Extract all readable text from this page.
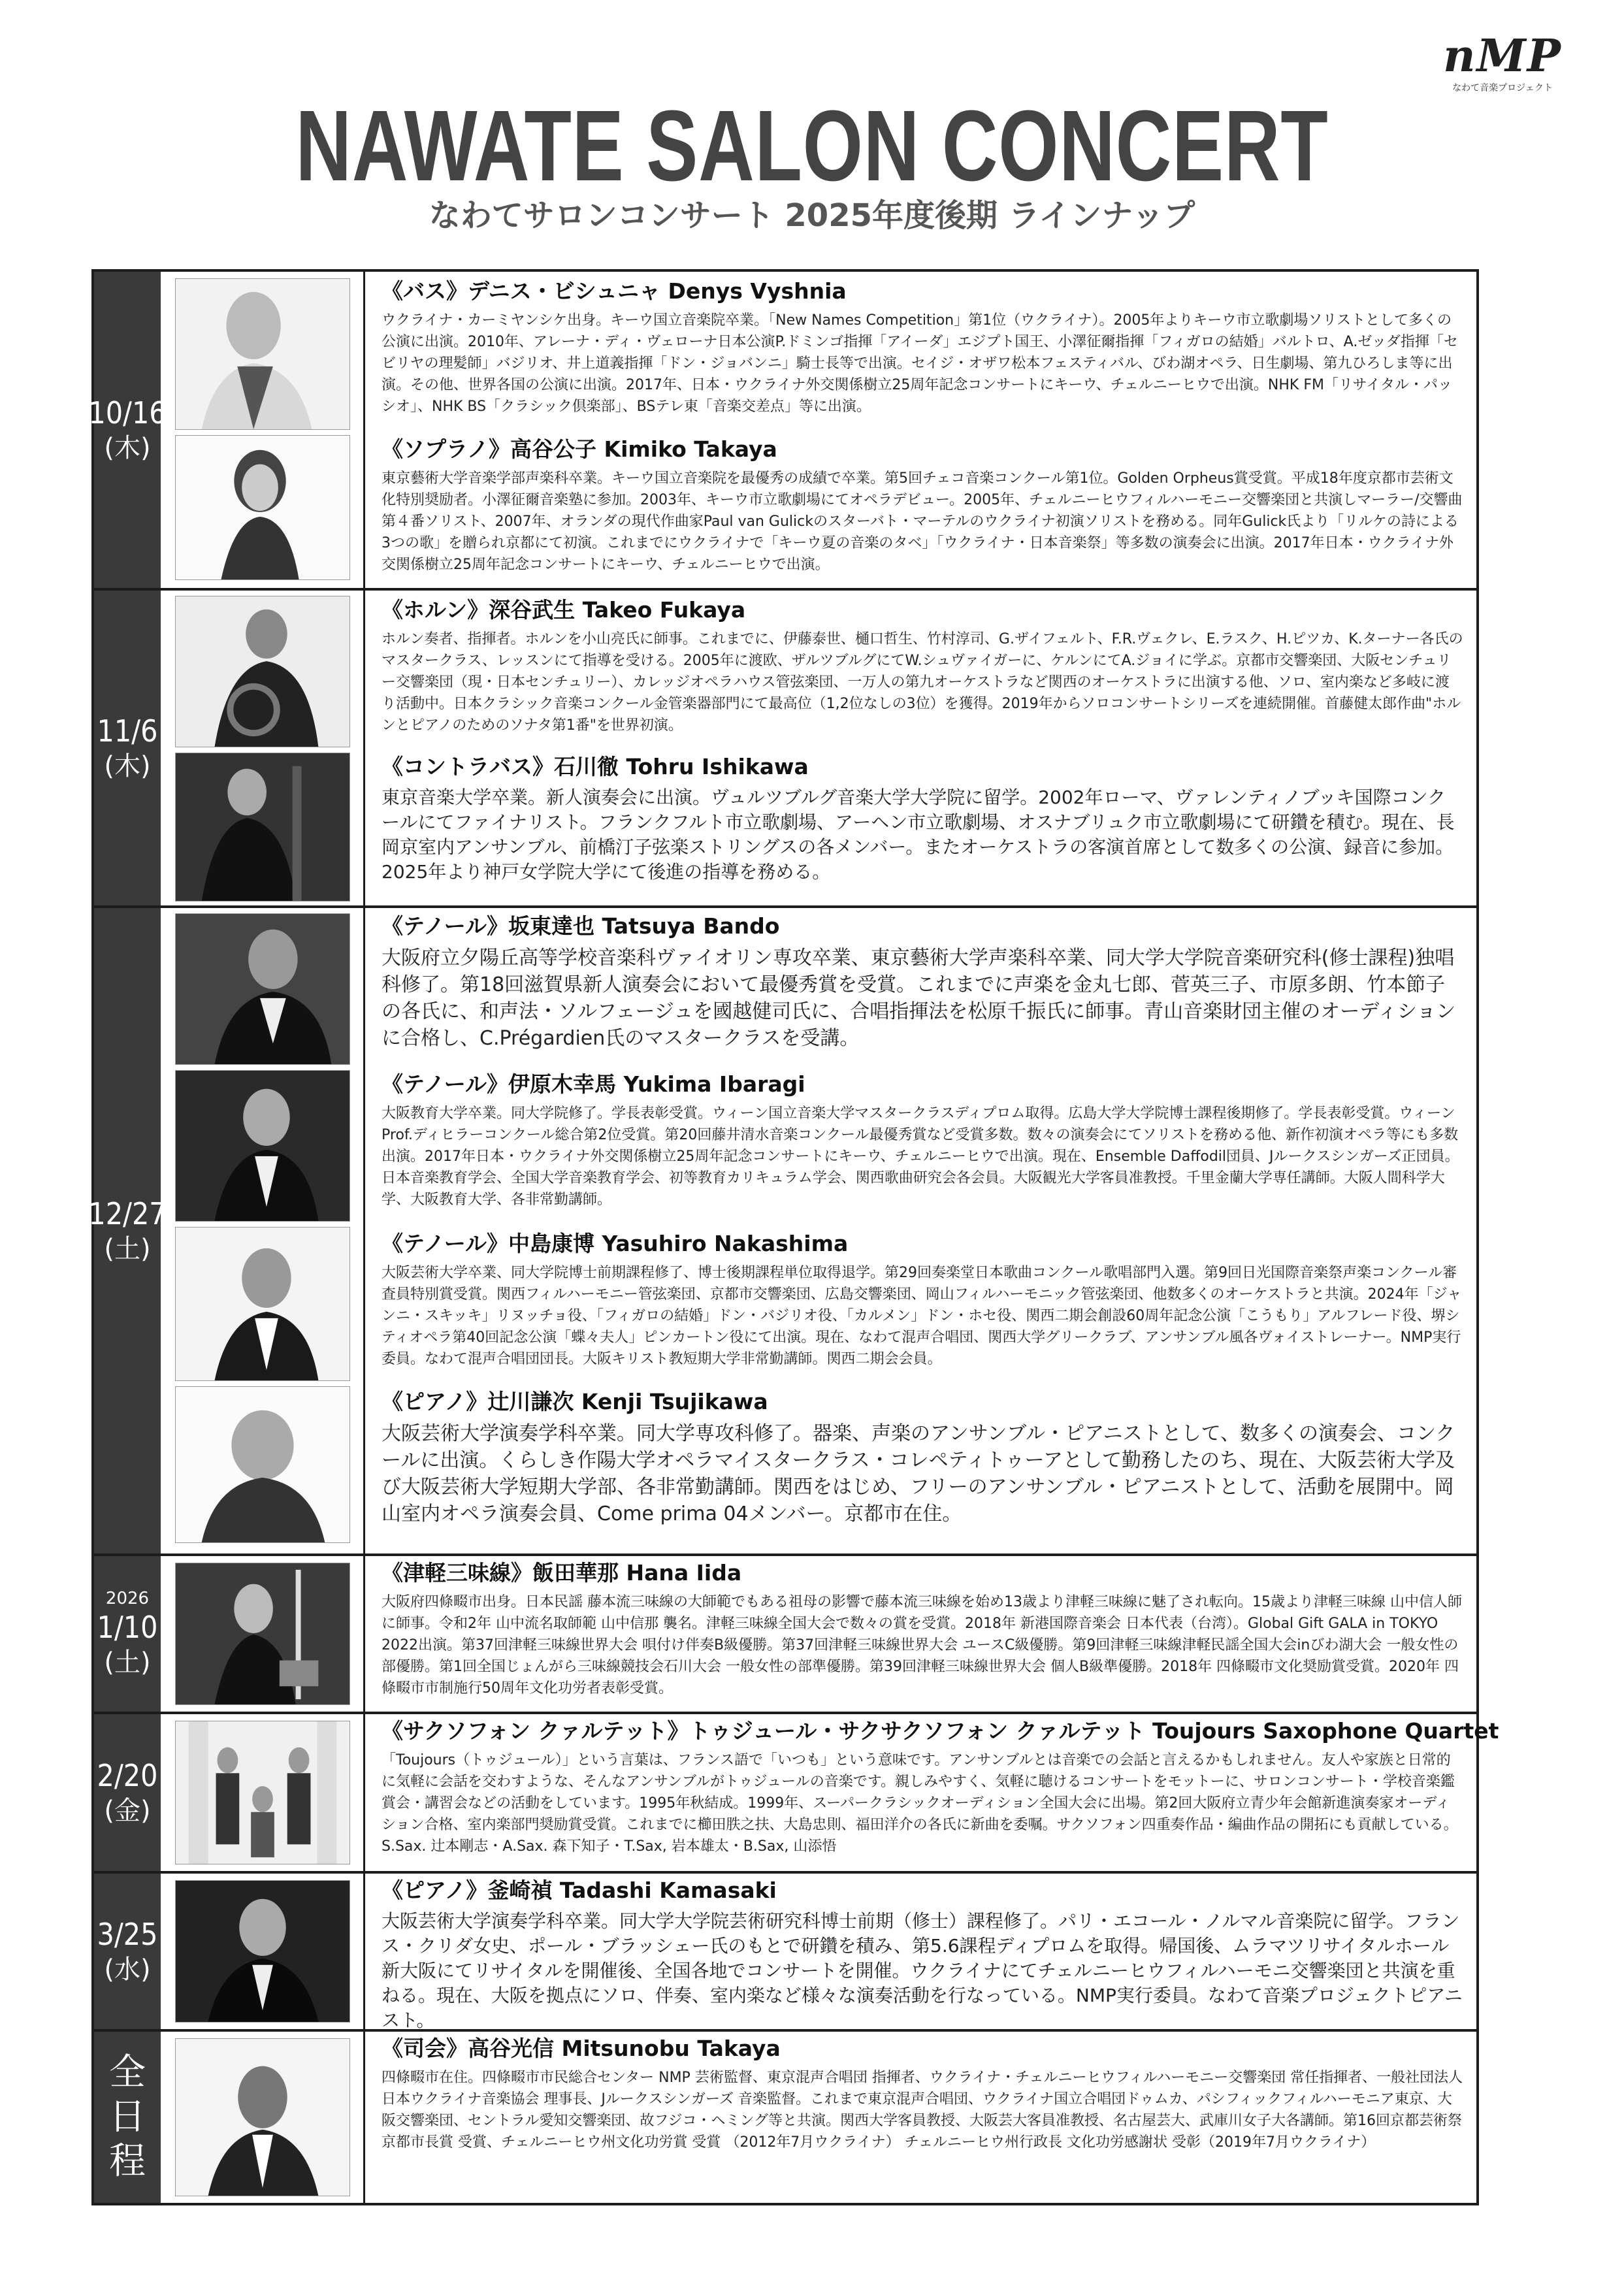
nMP
なわて音楽プロジェクト
NAWATE SALON CONCERT
なわてサロンコンサート 2025年度後期 ラインナップ
10/16
(木)
11/6
(木)
12/27
(土)
2026
1/10
(土)
2/20
(金)
3/25
(水)
全日程
《バス》デニス・ビシュニャ Denys Vyshnia
ウクライナ・カーミヤンシケ出身。キーウ国立音楽院卒業。「New Names Competition」第1位（ウクライナ）。2005年よりキーウ市立歌劇場ソリストとして多くの公演に出演。2010年、アレーナ・ディ・ヴェローナ日本公演P.ドミンゴ指揮「アイーダ」エジプト国王、小澤征爾指揮「フィガロの結婚」バルトロ、A.ゼッダ指揮「セビリヤの理髪師」バジリオ、井上道義指揮「ドン・ジョバンニ」騎士長等で出演。セイジ・オザワ松本フェスティバル、びわ湖オペラ、日生劇場、第九ひろしま等に出演。その他、世界各国の公演に出演。2017年、日本・ウクライナ外交関係樹立25周年記念コンサートにキーウ、チェルニーヒウで出演。NHK FM「リサイタル・パッシオ」、NHK BS「クラシック倶楽部」、BSテレ東「音楽交差点」等に出演。
《ソプラノ》高谷公子 Kimiko Takaya
東京藝術大学音楽学部声楽科卒業。キーウ国立音楽院を最優秀の成績で卒業。第5回チェコ音楽コンクール第1位。Golden Orpheus賞受賞。平成18年度京都市芸術文化特別奨励者。小澤征爾音楽塾に参加。2003年、キーウ市立歌劇場にてオペラデビュー。2005年、チェルニーヒウフィルハーモニー交響楽団と共演しマーラー/交響曲第４番ソリスト、2007年、オランダの現代作曲家Paul van Gulickのスターバト・マーテルのウクライナ初演ソリストを務める。同年Gulick氏より「リルケの詩による3つの歌」を贈られ京都にて初演。これまでにウクライナで「キーウ夏の音楽のタベ」「ウクライナ・日本音楽祭」等多数の演奏会に出演。2017年日本・ウクライナ外交関係樹立25周年記念コンサートにキーウ、チェルニーヒウで出演。
《ホルン》深谷武生 Takeo Fukaya
ホルン奏者、指揮者。ホルンを小山亮氏に師事。これまでに、伊藤泰世、樋口哲生、竹村淳司、G.ザイフェルト、F.R.ヴェクレ、E.ラスク、H.ピツカ、K.ターナー各氏のマスタークラス、レッスンにて指導を受ける。2005年に渡欧、ザルツブルグにてW.シュヴァイガーに、ケルンにてA.ジョイに学ぶ。京都市交響楽団、大阪センチュリー交響楽団（現・日本センチュリー）、カレッジオペラハウス管弦楽団、一万人の第九オーケストラなど関西のオーケストラに出演する他、ソロ、室内楽など多岐に渡り活動中。日本クラシック音楽コンクール金管楽器部門にて最高位（1,2位なしの3位）を獲得。2019年からソロコンサートシリーズを連続開催。首藤健太郎作曲"ホルンとピアノのためのソナタ第1番"を世界初演。
《コントラバス》石川徹 Tohru Ishikawa
東京音楽大学卒業。新人演奏会に出演。ヴュルツブルグ音楽大学大学院に留学。2002年ローマ、ヴァレンティノブッキ国際コンクールにてファイナリスト。フランクフルト市立歌劇場、アーヘン市立歌劇場、オスナブリュク市立歌劇場にて研鑽を積む。現在、長岡京室内アンサンブル、前橋汀子弦楽ストリングスの各メンバー。またオーケストラの客演首席として数多くの公演、録音に参加。2025年より神戸女学院大学にて後進の指導を務める。
《テノール》坂東達也 Tatsuya Bando
大阪府立夕陽丘高等学校音楽科ヴァイオリン専攻卒業、東京藝術大学声楽科卒業、同大学大学院音楽研究科(修士課程)独唱科修了。第18回滋賀県新人演奏会において最優秀賞を受賞。これまでに声楽を金丸七郎、菅英三子、市原多朗、竹本節子の各氏に、和声法・ソルフェージュを國越健司氏に、合唱指揮法を松原千振氏に師事。青山音楽財団主催のオーディションに合格し、C.Prégardien氏のマスタークラスを受講。
《テノール》伊原木幸馬 Yukima Ibaragi
大阪教育大学卒業。同大学院修了。学長表彰受賞。ウィーン国立音楽大学マスタークラスディプロム取得。広島大学大学院博士課程後期修了。学長表彰受賞。ウィーンProf.ディヒラーコンクール総合第2位受賞。第20回藤井清水音楽コンクール最優秀賞など受賞多数。数々の演奏会にてソリストを務める他、新作初演オペラ等にも多数出演。2017年日本・ウクライナ外交関係樹立25周年記念コンサートにキーウ、チェルニーヒウで出演。現在、Ensemble Daffodil団員、Jルークスシンガーズ正団員。日本音楽教育学会、全国大学音楽教育学会、初等教育カリキュラム学会、関西歌曲研究会各会員。大阪観光大学客員准教授。千里金蘭大学専任講師。大阪人間科学大学、大阪教育大学、各非常勤講師。
《テノール》中島康博 Yasuhiro Nakashima
大阪芸術大学卒業、同大学院博士前期課程修了、博士後期課程単位取得退学。第29回奏楽堂日本歌曲コンクール歌唱部門入選。第9回日光国際音楽祭声楽コンクール審査員特別賞受賞。関西フィルハーモニー管弦楽団、京都市交響楽団、広島交響楽団、岡山フィルハーモニック管弦楽団、他数多くのオーケストラと共演。2024年「ジャンニ・スキッキ」リヌッチョ役、「フィガロの結婚」ドン・バジリオ役、「カルメン」ドン・ホセ役、関西二期会創設60周年記念公演「こうもり」アルフレード役、堺シティオペラ第40回記念公演「蝶々夫人」ピンカートン役にて出演。現在、なわて混声合唱団、関西大学グリークラブ、アンサンブル風各ヴォイストレーナー。NMP実行委員。なわて混声合唱団団長。大阪キリスト教短期大学非常勤講師。関西二期会会員。
《ピアノ》辻川謙次 Kenji Tsujikawa
大阪芸術大学演奏学科卒業。同大学専攻科修了。器楽、声楽のアンサンブル・ピアニストとして、数多くの演奏会、コンクールに出演。くらしき作陽大学オペラマイスタークラス・コレペティトゥーアとして勤務したのち、現在、大阪芸術大学及び大阪芸術大学短期大学部、各非常勤講師。関西をはじめ、フリーのアンサンブル・ピアニストとして、活動を展開中。岡山室内オペラ演奏会員、Come prima 04メンバー。京都市在住。
《津軽三味線》飯田華那 Hana Iida
大阪府四條畷市出身。日本民謡 藤本流三味線の大師範でもある祖母の影響で藤本流三味線を始め13歳より津軽三味線に魅了され転向。15歳より津軽三味線 山中信人師に師事。令和2年 山中流名取師範 山中信那 襲名。津軽三味線全国大会で数々の賞を受賞。2018年 新港国際音楽会 日本代表（台湾）。Global Gift GALA in TOKYO 2022出演。第37回津軽三味線世界大会 唄付け伴奏B級優勝。第37回津軽三味線世界大会 ユースC級優勝。第9回津軽三味線津軽民謡全国大会inびわ湖大会 一般女性の部優勝。第1回全国じょんがら三味線競技会石川大会 一般女性の部準優勝。第39回津軽三味線世界大会 個人B級準優勝。2018年 四條畷市文化奨励賞受賞。2020年 四條畷市市制施行50周年文化功労者表彰受賞。
《サクソフォン クァルテット》トゥジュール・サクサクソフォン クァルテット Toujours Saxophone Quartet
「Toujours（トゥジュール）」という言葉は、フランス語で「いつも」という意味です。アンサンブルとは音楽での会話と言えるかもしれません。友人や家族と日常的に気軽に会話を交わすような、そんなアンサンブルがトゥジュールの音楽です。親しみやすく、気軽に聴けるコンサートをモットーに、サロンコンサート・学校音楽鑑賞会・講習会などの活動をしています。1995年秋結成。1999年、スーパークラシックオーディション全国大会に出場。第2回大阪府立青少年会館新進演奏家オーディション合格、室内楽部門奨励賞受賞。これまでに櫛田胅之扶、大島忠則、福田洋介の各氏に新曲を委嘱。サクソフォン四重奏作品・編曲作品の開拓にも貢献している。S.Sax. 辻本剛志・A.Sax. 森下知子・T.Sax, 岩本雄太・B.Sax, 山添悟
《ピアノ》釜崎禎 Tadashi Kamasaki
大阪芸術大学演奏学科卒業。同大学大学院芸術研究科博士前期（修士）課程修了。パリ・エコール・ノルマル音楽院に留学。フランス・クリダ女史、ポール・ブラッシェー氏のもとで研鑽を積み、第5.6課程ディプロムを取得。帰国後、ムラマツリサイタルホール新大阪にてリサイタルを開催後、全国各地でコンサートを開催。ウクライナにてチェルニーヒウフィルハーモニ交響楽団と共演を重ねる。現在、大阪を拠点にソロ、伴奏、室内楽など様々な演奏活動を行なっている。NMP実行委員。なわて音楽プロジェクトピアニスト。
《司会》高谷光信 Mitsunobu Takaya
四條畷市在住。四條畷市市民総合センター NMP 芸術監督、東京混声合唱団 指揮者、ウクライナ・チェルニーヒウフィルハーモニー交響楽団 常任指揮者、一般社団法人 日本ウクライナ音楽協会 理事長、Jルークスシンガーズ 音楽監督。これまで東京混声合唱団、ウクライナ国立合唱団ドゥムカ、パシフィックフィルハーモニア東京、大阪交響楽団、セントラル愛知交響楽団、故フジコ・ヘミング等と共演。関西大学客員教授、大阪芸大客員准教授、名古屋芸大、武庫川女子大各講師。第16回京都芸術祭京都市長賞 受賞、チェルニーヒウ州文化功労賞 受賞 （2012年7月ウクライナ） チェルニーヒウ州行政長 文化功労感謝状 受彰（2019年7月ウクライナ）
